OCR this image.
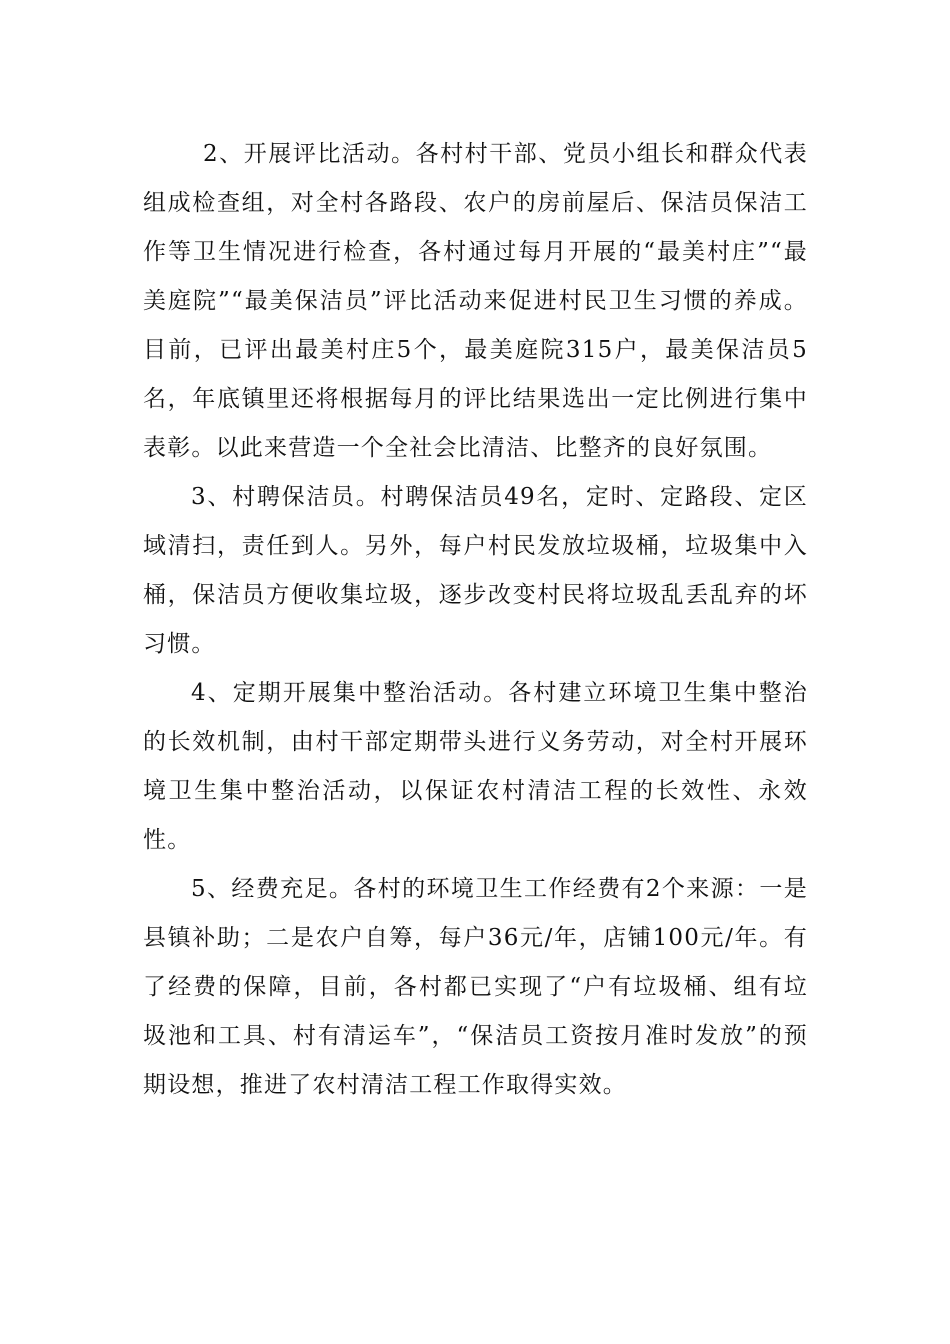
2、开展评比活动。各村村干部、党员小组长和群众代表组成检查组，对全村各路段、农户的房前屋后、保洁员保洁工作等卫生情况进行检查，各村通过每月开展的“最美村庄”“最美庭院”“最美保洁员”评比活动来促进村民卫生习惯的养成。目前，已评出最美村庄5个，最美庭院315户，最美保洁员5名，年底镇里还将根据每月的评比结果选出一定比例进行集中表彰。以此来营造一个全社会比清洁、比整齐的良好氛围。

3、村聘保洁员。村聘保洁员49名，定时、定路段、定区域清扫，责任到人。另外，每户村民发放垃圾桶，垃圾集中入桶，保洁员方便收集垃圾，逐步改变村民将垃圾乱丢乱弃的坏习惯。

4、定期开展集中整治活动。各村建立环境卫生集中整治的长效机制，由村干部定期带头进行义务劳动，对全村开展环境卫生集中整治活动，以保证农村清洁工程的长效性、永效性。

5、经费充足。各村的环境卫生工作经费有2个来源：一是县镇补助；二是农户自筹，每户36元/年，店铺100元/年。有了经费的保障，目前，各村都已实现了“户有垃圾桶、组有垃圾池和工具、村有清运车”，“保洁员工资按月准时发放”的预期设想，推进了农村清洁工程工作取得实效。
